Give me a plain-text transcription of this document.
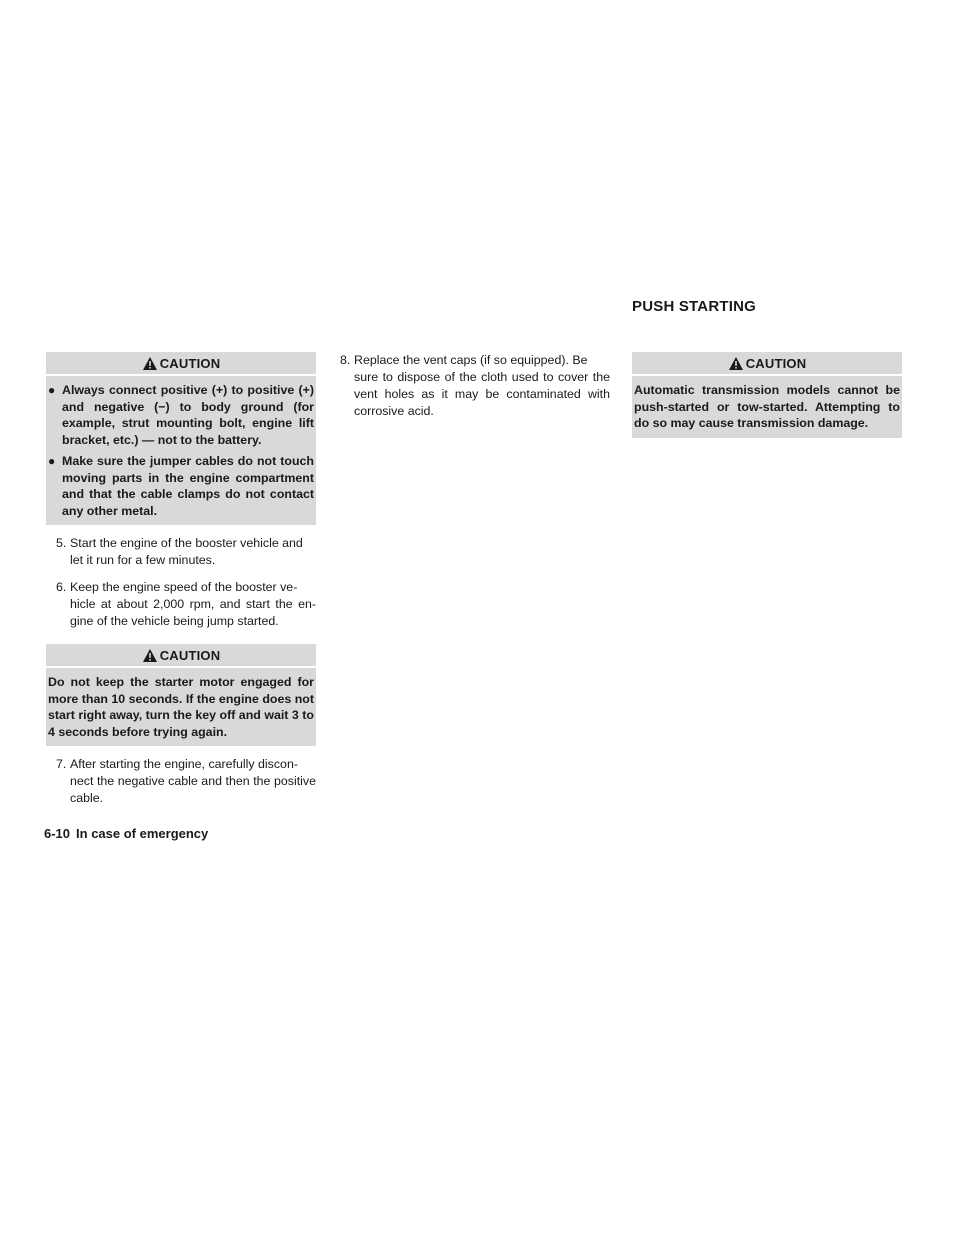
PUSH STARTING
CAUTION
● Always connect positive (+) to positive (+) and negative (−) to body ground (for example, strut mounting bolt, engine lift bracket, etc.) — not to the battery.
● Make sure the jumper cables do not touch moving parts in the engine compartment and that the cable clamps do not contact any other metal.
5. Start the engine of the booster vehicle and
let it run for a few minutes.
6. Keep the engine speed of the booster ve-
hicle at about 2,000 rpm, and start the en- gine of the vehicle being jump started.
CAUTION
Do not keep the starter motor engaged for more than 10 seconds. If the engine does not start right away, turn the key off and wait 3 to 4 seconds before trying again.
7. After starting the engine, carefully discon-
nect the negative cable and then the positive cable.
8. Replace the vent caps (if so equipped). Be
sure to dispose of the cloth used to cover the vent holes as it may be contaminated with corrosive acid.
CAUTION
Automatic transmission models cannot be push-started or tow-started. Attempting to do so may cause transmission damage.
6-10 In case of emergency
